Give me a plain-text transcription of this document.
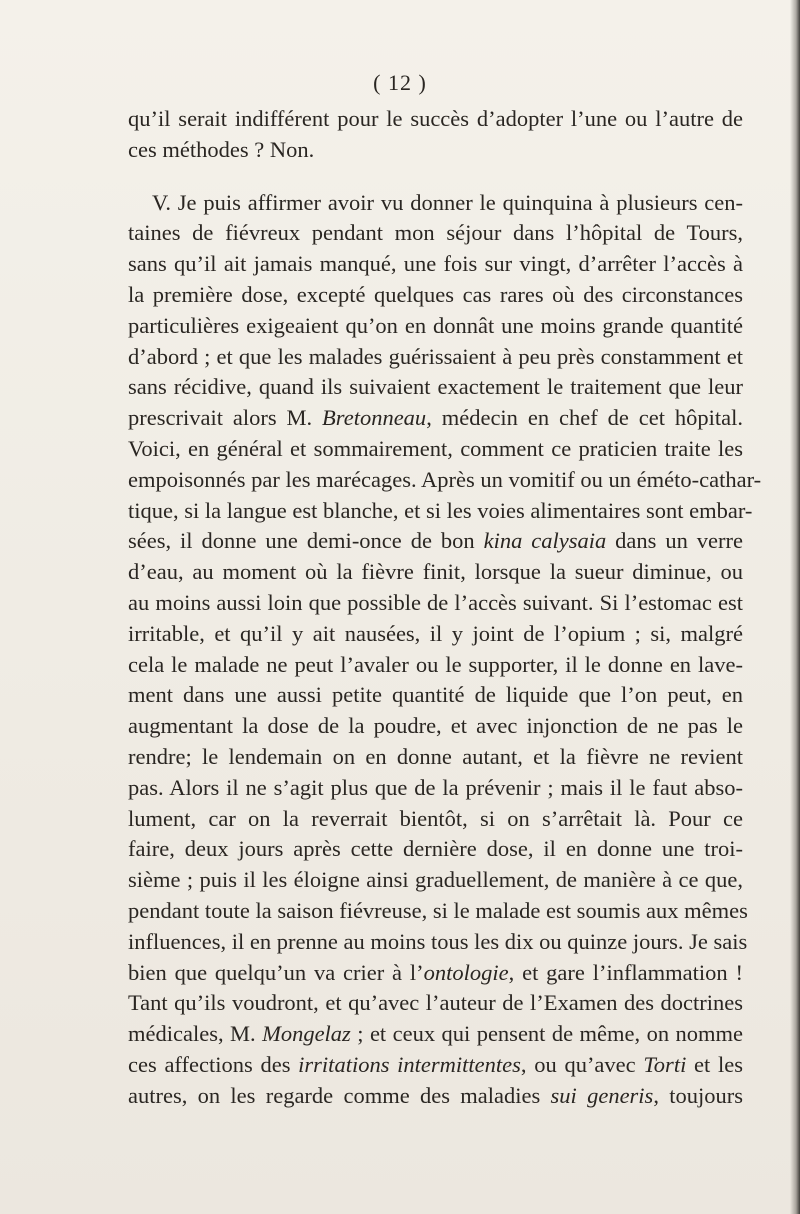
( 12 )
qu’il serait indifférent pour le succès d’adopter l’une ou l’autre de
ces méthodes ? Non.
V. Je puis affirmer avoir vu donner le quinquina à plusieurs cen-
taines de fiévreux pendant mon séjour dans l’hôpital de Tours,
sans qu’il ait jamais manqué, une fois sur vingt, d’arrêter l’accès à
la première dose, excepté quelques cas rares où des circonstances
particulières exigeaient qu’on en donnât une moins grande quantité
d’abord ; et que les malades guérissaient à peu près constamment et
sans récidive, quand ils suivaient exactement le traitement que leur
prescrivait alors M. Bretonneau, médecin en chef de cet hôpital.
Voici, en général et sommairement, comment ce praticien traite les
empoisonnés par les marécages. Après un vomitif ou un éméto-cathar-
tique, si la langue est blanche, et si les voies alimentaires sont embar-
sées, il donne une demi-once de bon kina calysaia dans un verre
d’eau, au moment où la fièvre finit, lorsque la sueur diminue, ou
au moins aussi loin que possible de l’accès suivant. Si l’estomac est
irritable, et qu’il y ait nausées, il y joint de l’opium ; si, malgré
cela le malade ne peut l’avaler ou le supporter, il le donne en lave-
ment dans une aussi petite quantité de liquide que l’on peut, en
augmentant la dose de la poudre, et avec injonction de ne pas le
rendre; le lendemain on en donne autant, et la fièvre ne revient
pas. Alors il ne s’agit plus que de la prévenir ; mais il le faut abso-
lument, car on la reverrait bientôt, si on s’arrêtait là. Pour ce
faire, deux jours après cette dernière dose, il en donne une troi-
sième ; puis il les éloigne ainsi graduellement, de manière à ce que,
pendant toute la saison fiévreuse, si le malade est soumis aux mêmes
influences, il en prenne au moins tous les dix ou quinze jours. Je sais
bien que quelqu’un va crier à l’ontologie, et gare l’inflammation !
Tant qu’ils voudront, et qu’avec l’auteur de l’Examen des doctrines
médicales, M. Mongelaz ; et ceux qui pensent de même, on nomme
ces affections des irritations intermittentes, ou qu’avec Torti et les
autres, on les regarde comme des maladies sui generis, toujours
